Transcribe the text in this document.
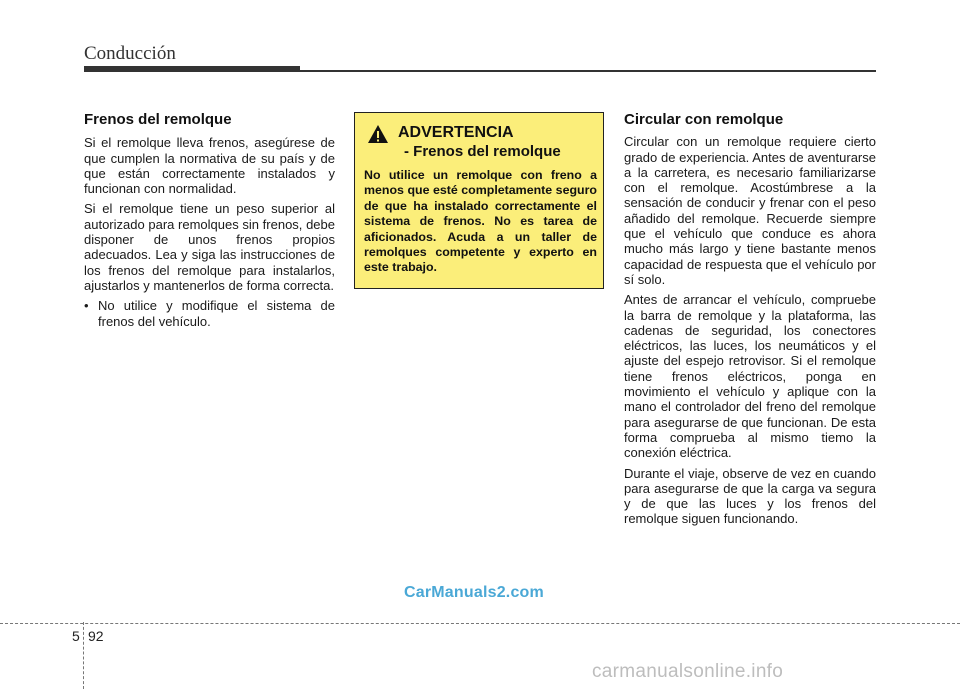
Conducción
Frenos del remolque

Si el remolque lleva frenos, asegúrese de que cumplen la normativa de su país y de que están correctamente instalados y funcionan con normalidad.

Si el remolque tiene un peso superior al autorizado para remolques sin frenos, debe disponer de unos frenos propios adecuados. Lea y siga las instrucciones de los frenos del remolque para instalarlos, ajustarlos y mantenerlos de forma correcta.

• No utilice y modifique el sistema de frenos del vehículo.

ADVERTENCIA
- Frenos del remolque

No utilice un remolque con freno a menos que esté completamente seguro de que ha instalado correctamente el sistema de frenos. No es tarea de aficionados. Acuda a un taller de remolques competente y experto en este trabajo.

Circular con remolque

Circular con un remolque requiere cierto grado de experiencia. Antes de aventurarse a la carretera, es necesario familiarizarse con el remolque. Acostúmbrese a la sensación de conducir y frenar con el peso añadido del remolque. Recuerde siempre que el vehículo que conduce es ahora mucho más largo y tiene bastante menos capacidad de respuesta que el vehículo por sí solo.

Antes de arrancar el vehículo, compruebe la barra de remolque y la plataforma, las cadenas de seguridad, los conectores eléctricos, las luces, los neumáticos y el ajuste del espejo retrovisor. Si el remolque tiene frenos eléctricos, ponga en movimiento el vehículo y aplique con la mano el controlador del freno del remolque para asegurarse de que funcionan. De esta forma comprueba al mismo tiemo la conexión eléctrica.

Durante el viaje, observe de vez en cuando para asegurarse de que la carga va segura y de que las luces y los frenos del remolque siguen funcionando.

CarManuals2.com
5 92
carmanualsonline.info
